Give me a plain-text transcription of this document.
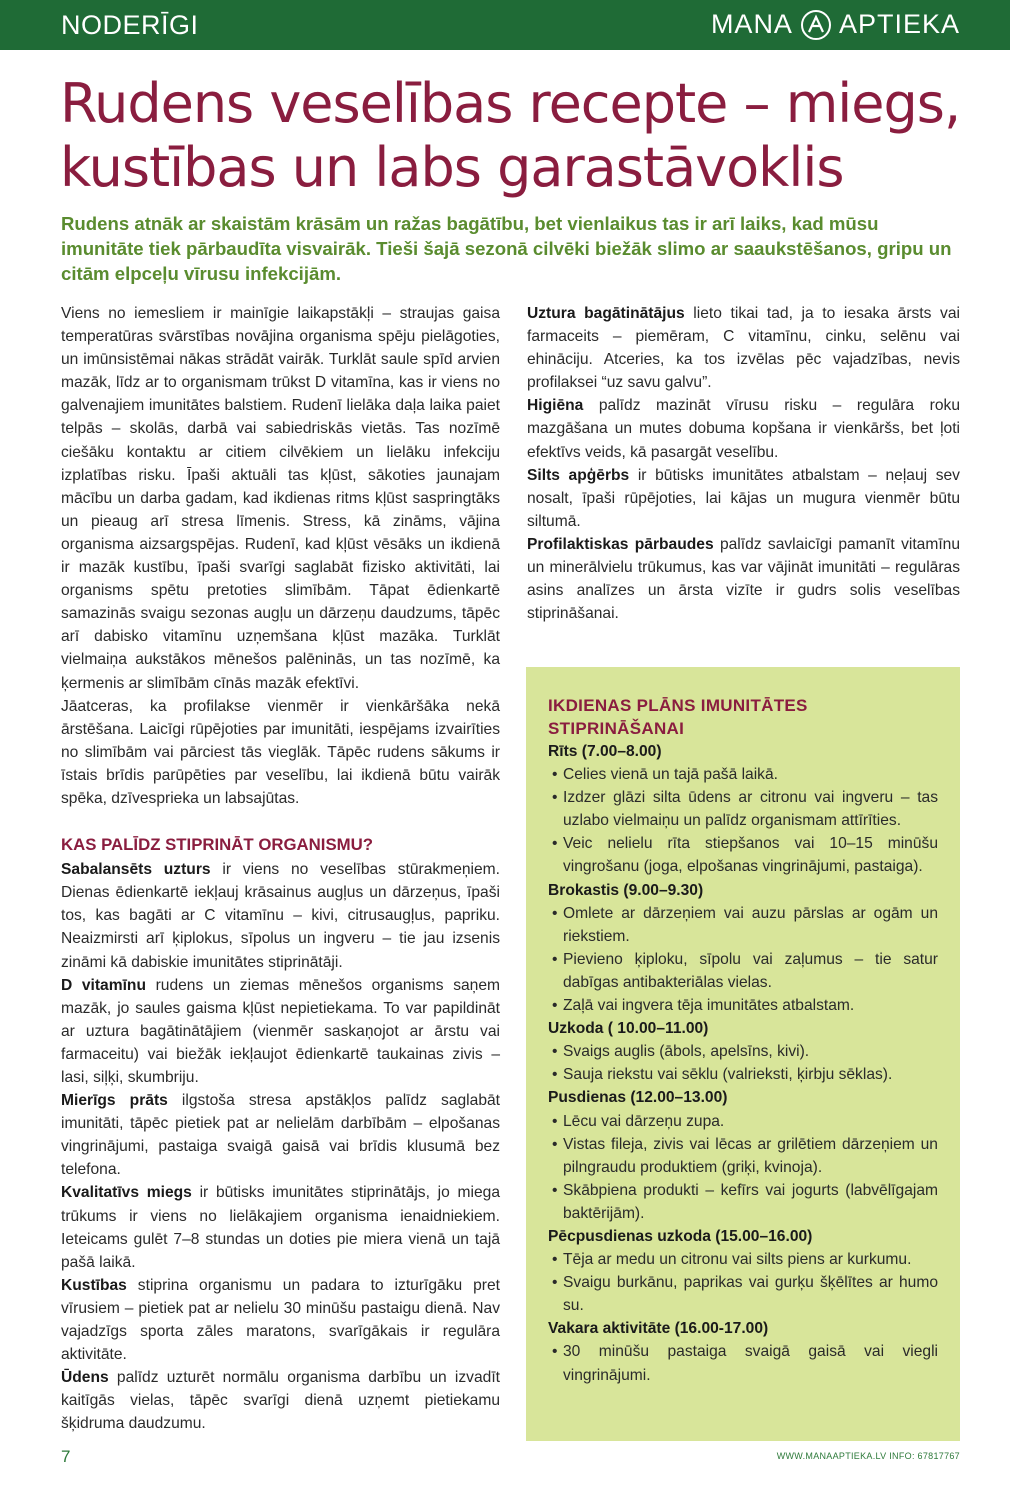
NODERĪGI	MANA APTIEKA
Rudens veselības recepte – miegs, kustības un labs garastāvoklis

Rudens atnāk ar skaistām krāsām un ražas bagātību, bet vienlaikus tas ir arī laiks, kad mūsu imunitāte tiek pārbaudīta visvairāk. Tieši šajā sezonā cilvēki biežāk slimo ar saaukstēšanos, gripu un citām elpceļu vīrusu infekcijām.

Viens no iemesliem ir mainīgie laikapstākļi – straujas gaisa temperatūras svārstības novājina organisma spēju pielāgoties, un imūnsistēmai nākas strādāt vairāk. Turklāt saule spīd arvien mazāk, līdz ar to organismam trūkst D vitamīna, kas ir viens no galvenajiem imunitātes balstiem. Rudenī lielāka daļa laika paiet telpās – skolās, darbā vai sabiedriskās vietās. Tas nozīmē ciešāku kontaktu ar citiem cilvēkiem un lielāku infekciju izplatības risku. Īpaši aktuāli tas kļūst, sākoties jaunajam mācību un darba gadam, kad ikdienas ritms kļūst saspringtāks un pieaug arī stresa līmenis. Stress, kā zināms, vājina organisma aizsargspējas. Rudenī, kad kļūst vēsāks un ikdienā ir mazāk kustību, īpaši svarīgi saglabāt fizisko aktivitāti, lai organisms spētu pretoties slimībām. Tāpat ēdienkartē samazinās svaigu sezonas augļu un dārzeņu daudzums, tāpēc arī dabisko vitamīnu uzņemšana kļūst mazāka. Turklāt vielmaiņa aukstākos mēnešos palēninās, un tas nozīmē, ka ķermenis ar slimībām cīnās mazāk efektīvi.

Jāatceras, ka profilakse vienmēr ir vienkāršāka nekā ārstēšana. Laicīgi rūpējoties par imunitāti, iespējams izvairīties no slimībām vai pārciest tās vieglāk. Tāpēc rudens sākums ir īstais brīdis parūpēties par veselību, lai ikdienā būtu vairāk spēka, dzīvesprieka un labsajūtas.

KAS PALĪDZ STIPRINĀT ORGANISMU?

Sabalansēts uzturs ir viens no veselības stūrakmeņiem. Dienas ēdienkartē iekļauj krāsainus augļus un dārzeņus, īpaši tos, kas bagāti ar C vitamīnu – kivi, citrusaugļus, papriku. Neaizmirsti arī ķiplokus, sīpolus un ingveru – tie jau izsenis zināmi kā dabiskie imunitātes stiprinātāji.

D vitamīnu rudens un ziemas mēnešos organisms saņem mazāk, jo saules gaisma kļūst nepietiekama. To var papildināt ar uztura bagātinātājiem (vienmēr saskaņojot ar ārstu vai farmaceitu) vai biežāk iekļaujot ēdienkartē taukainas zivis – lasi, siļķi, skumbriju.

Mierīgs prāts ilgstoša stresa apstākļos palīdz saglabāt imunitāti, tāpēc pietiek pat ar nelielām darbībām – elpošanas vingrinājumi, pastaiga svaigā gaisā vai brīdis klusumā bez telefona.

Kvalitatīvs miegs ir būtisks imunitātes stiprinātājs, jo miega trūkums ir viens no lielākajiem organisma ienaidniekiem. Ieteicams gulēt 7–8 stundas un doties pie miera vienā un tajā pašā laikā.

Kustības stiprina organismu un padara to izturīgāku pret vīrusiem – pietiek pat ar nelielu 30 minūšu pastaigu dienā. Nav vajadzīgs sporta zāles maratons, svarīgākais ir regulāra aktivitāte.

Ūdens palīdz uzturēt normālu organisma darbību un izvadīt kaitīgās vielas, tāpēc svarīgi dienā uzņemt pietiekamu šķidruma daudzumu.

Uztura bagātinātājus lieto tikai tad, ja to iesaka ārsts vai farmaceits – piemēram, C vitamīnu, cinku, selēnu vai ehināciju. Atceries, ka tos izvēlas pēc vajadzības, nevis profilaksei “uz savu galvu”.

Higiēna palīdz mazināt vīrusu risku – regulāra roku mazgāšana un mutes dobuma kopšana ir vienkāršs, bet ļoti efektīvs veids, kā pasargāt veselību.

Silts apģērbs ir būtisks imunitātes atbalstam – neļauj sev nosalt, īpaši rūpējoties, lai kājas un mugura vienmēr būtu siltumā.

Profilaktiskas pārbaudes palīdz savlaicīgi pamanīt vitamīnu un minerālvielu trūkumus, kas var vājināt imunitāti – regulāras asins analīzes un ārsta vizīte ir gudrs solis veselības stiprināšanai.

IKDIENAS PLĀNS IMUNITĀTES STIPRINĀŠANAI
Rīts (7.00–8.00)
• Celies vienā un tajā pašā laikā.
• Izdzer glāzi silta ūdens ar citronu vai ingveru – tas uzlabo vielmaiņu un palīdz organismam attīrīties.
• Veic nelielu rīta stiepšanos vai 10–15 minūšu vingrošanu (joga, elpošanas vingrinājumi, pastaiga).
Brokastis (9.00–9.30)
• Omlete ar dārzeņiem vai auzu pārslas ar ogām un riekstiem.
• Pievieno ķiploku, sīpolu vai zaļumus – tie satur dabīgas antibakteriālas vielas.
• Zaļā vai ingvera tēja imunitātes atbalstam.
Uzkoda ( 10.00–11.00)
• Svaigs auglis (ābols, apelsīns, kivi).
• Sauja riekstu vai sēklu (valrieksti, ķirbju sēklas).
Pusdienas (12.00–13.00)
• Lēcu vai dārzeņu zupa.
• Vistas fileja, zivis vai lēcas ar grilētiem dārzeņiem un pilngraudu produktiem (griķi, kvinoja).
• Skābpiena produkti – kefīrs vai jogurts (labvēlīgajam baktērijām).
Pēcpusdienas uzkoda (15.00–16.00)
• Tēja ar medu un citronu vai silts piens ar kurkumu.
• Svaigu burkānu, paprikas vai gurķu šķēlītes ar humo su.
Vakara aktivitāte (16.00-17.00)
• 30 minūšu pastaiga svaigā gaisā vai viegli vingrinājumi.
7	WWW.MANAAPTIEKA.LV INFO: 67817767
